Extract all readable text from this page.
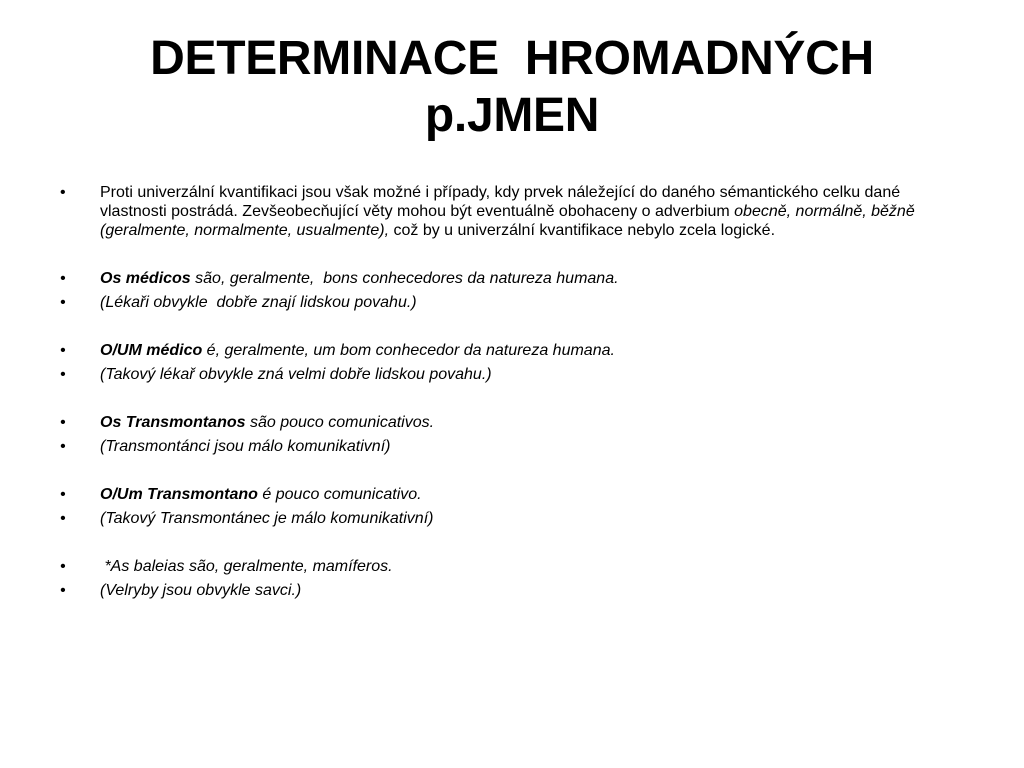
DETERMINACE  HROMADNÝCH
p.JMEN
•	Proti univerzální kvantifikaci jsou však možné i případy, kdy prvek náležející do daného sémantického celku dané vlastnosti postrádá. Zevšeobecňující věty mohou být eventuálně obohaceny o adverbium obecně, normálně, běžně (geralmente, normalmente, usualmente), což by u univerzální kvantifikace nebylo zcela logické.
•	Os médicos são, geralmente,  bons conhecedores da natureza humana.
•	(Lékaři obvykle  dobře znají lidskou povahu.)
•	O/UM médico é, geralmente, um bom conhecedor da natureza humana.
•	(Takový lékař obvykle zná velmi dobře lidskou povahu.)
•	Os Transmontanos são pouco comunicativos.
•	(Transmontánci jsou málo komunikativní)
•	O/Um Transmontano é pouco comunicativo.
•	(Takový Transmontánec je málo komunikativní)
•	*As baleias são, geralmente, mamíferos.
•	(Velryby jsou obvykle savci.)
